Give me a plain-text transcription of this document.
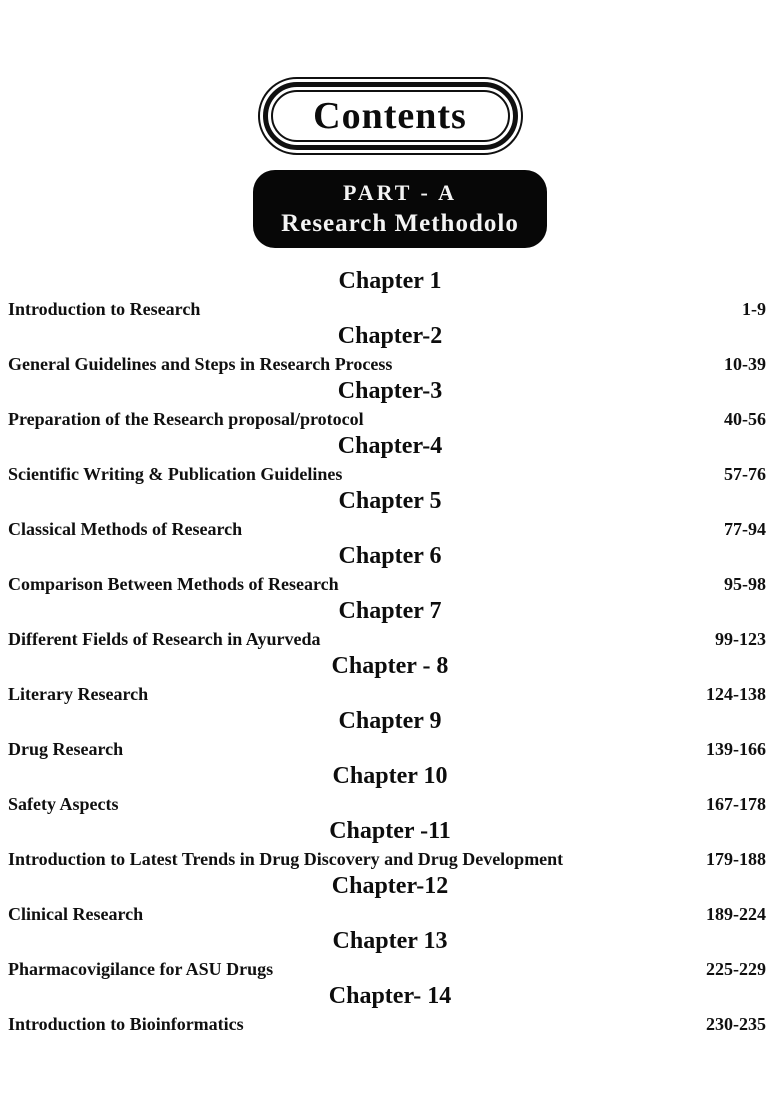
Contents
PART - A
Research Methodolo
Chapter 1
Introduction to Research	1-9
Chapter-2
General Guidelines and Steps in Research Process	10-39
Chapter-3
Preparation of the Research proposal/protocol	40-56
Chapter-4
Scientific Writing & Publication Guidelines	57-76
Chapter 5
Classical Methods of Research	77-94
Chapter 6
Comparison Between Methods of Research	95-98
Chapter 7
Different Fields of Research in Ayurveda	99-123
Chapter - 8
Literary Research	124-138
Chapter 9
Drug Research	139-166
Chapter 10
Safety Aspects	167-178
Chapter -11
Introduction to Latest Trends in Drug Discovery and Drug Development	179-188
Chapter-12
Clinical Research	189-224
Chapter 13
Pharmacovigilance for ASU Drugs	225-229
Chapter- 14
Introduction to Bioinformatics	230-235
